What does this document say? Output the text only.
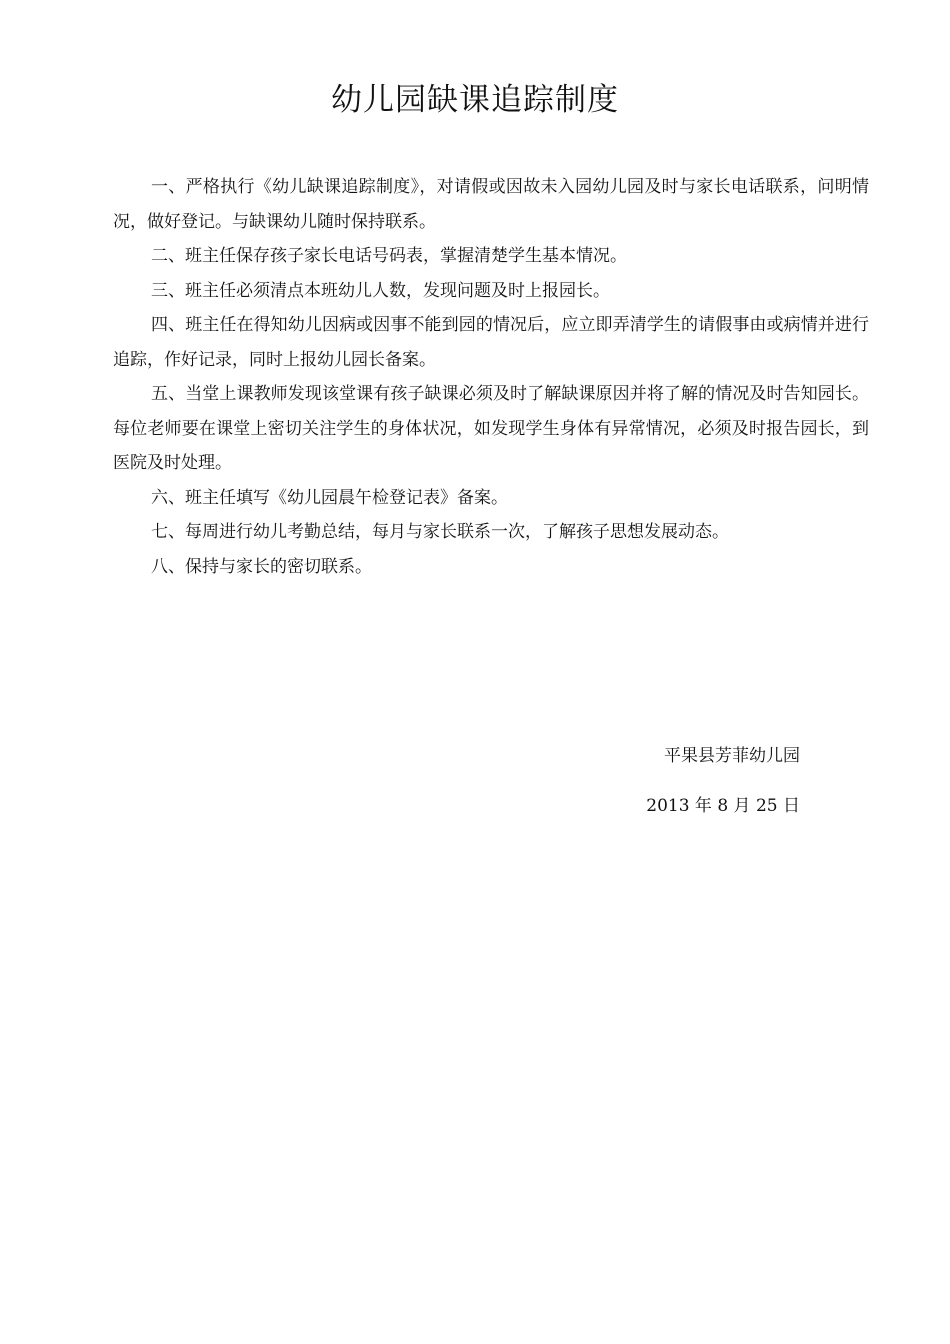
幼儿园缺课追踪制度

一、严格执行《幼儿缺课追踪制度》，对请假或因故未入园幼儿园及时与家长电话联系，问明情况，做好登记。与缺课幼儿随时保持联系。

二、班主任保存孩子家长电话号码表，掌握清楚学生基本情况。

三、班主任必须清点本班幼儿人数，发现问题及时上报园长。

四、班主任在得知幼儿因病或因事不能到园的情况后，应立即弄清学生的请假事由或病情并进行追踪，作好记录，同时上报幼儿园长备案。

五、当堂上课教师发现该堂课有孩子缺课必须及时了解缺课原因并将了解的情况及时告知园长。每位老师要在课堂上密切关注学生的身体状况，如发现学生身体有异常情况，必须及时报告园长，到医院及时处理。

六、班主任填写《幼儿园晨午检登记表》备案。

七、每周进行幼儿考勤总结，每月与家长联系一次，了解孩子思想发展动态。

八、保持与家长的密切联系。

平果县芳菲幼儿园
2013 年 8 月 25 日
